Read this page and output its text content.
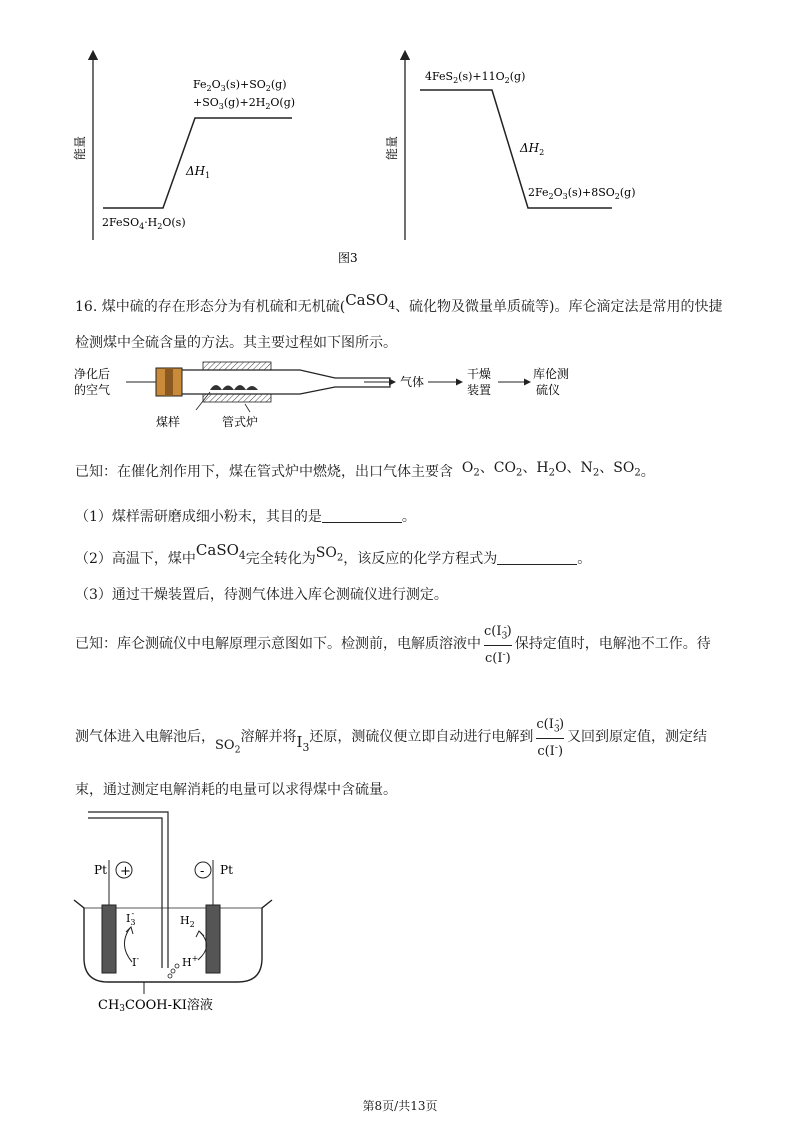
能量
$Fe_2O_3(s)+SO_2(g)$
$+SO_3(g)+2H_2O(g)$
$\Delta H_1$
$2FeSO_4\cdot H_2O(s)$
能量
$4FeS_2(s)+11O_2(g)$
$\Delta H_2$
$2Fe_2O_3(s)+8SO_2(g)$
图3
16. 煤中硫的存在形态分为有机硫和无机硫(CaSO$_4$、硫化物及微量单质硫等)。库仑滴定法是常用的快捷
检测煤中全硫含量的方法。其主要过程如下图所示。
净化后
的空气
煤样	管式炉
气体
干燥
装置
库伦测
硫仪
已知：在催化剂作用下，煤在管式炉中燃烧，出口气体主要含  $O_2$、$CO_2$、$H_2O$、$N_2$、$SO_2$。
（1）煤样需研磨成细小粉末，其目的是	。
（2）高温下，煤中CaSO$_4$完全转化为$SO_2$，该反应的化学方程式为	。
（3）通过干燥装置后，待测气体进入库仑测硫仪进行测定。
已知：库仑测硫仪中电解原理示意图如下。检测前，电解质溶液中 $\frac{c(I_3^-)}{c(I^-)}$ 保持定值时，电解池不工作。待
测气体进入电解池后，$SO_2$溶解并将$I_3$还原，测硫仪便立即自动进行电解到 $\frac{c(I_3^-)}{c(I^-)}$ 又回到原定值，测定结
束，通过测定电解消耗的电量可以求得煤中含硫量。
Pt +	- Pt
$I_3-$
I-
$H_2$
H+
CH3COOH-KI溶液
第8页/共13页
